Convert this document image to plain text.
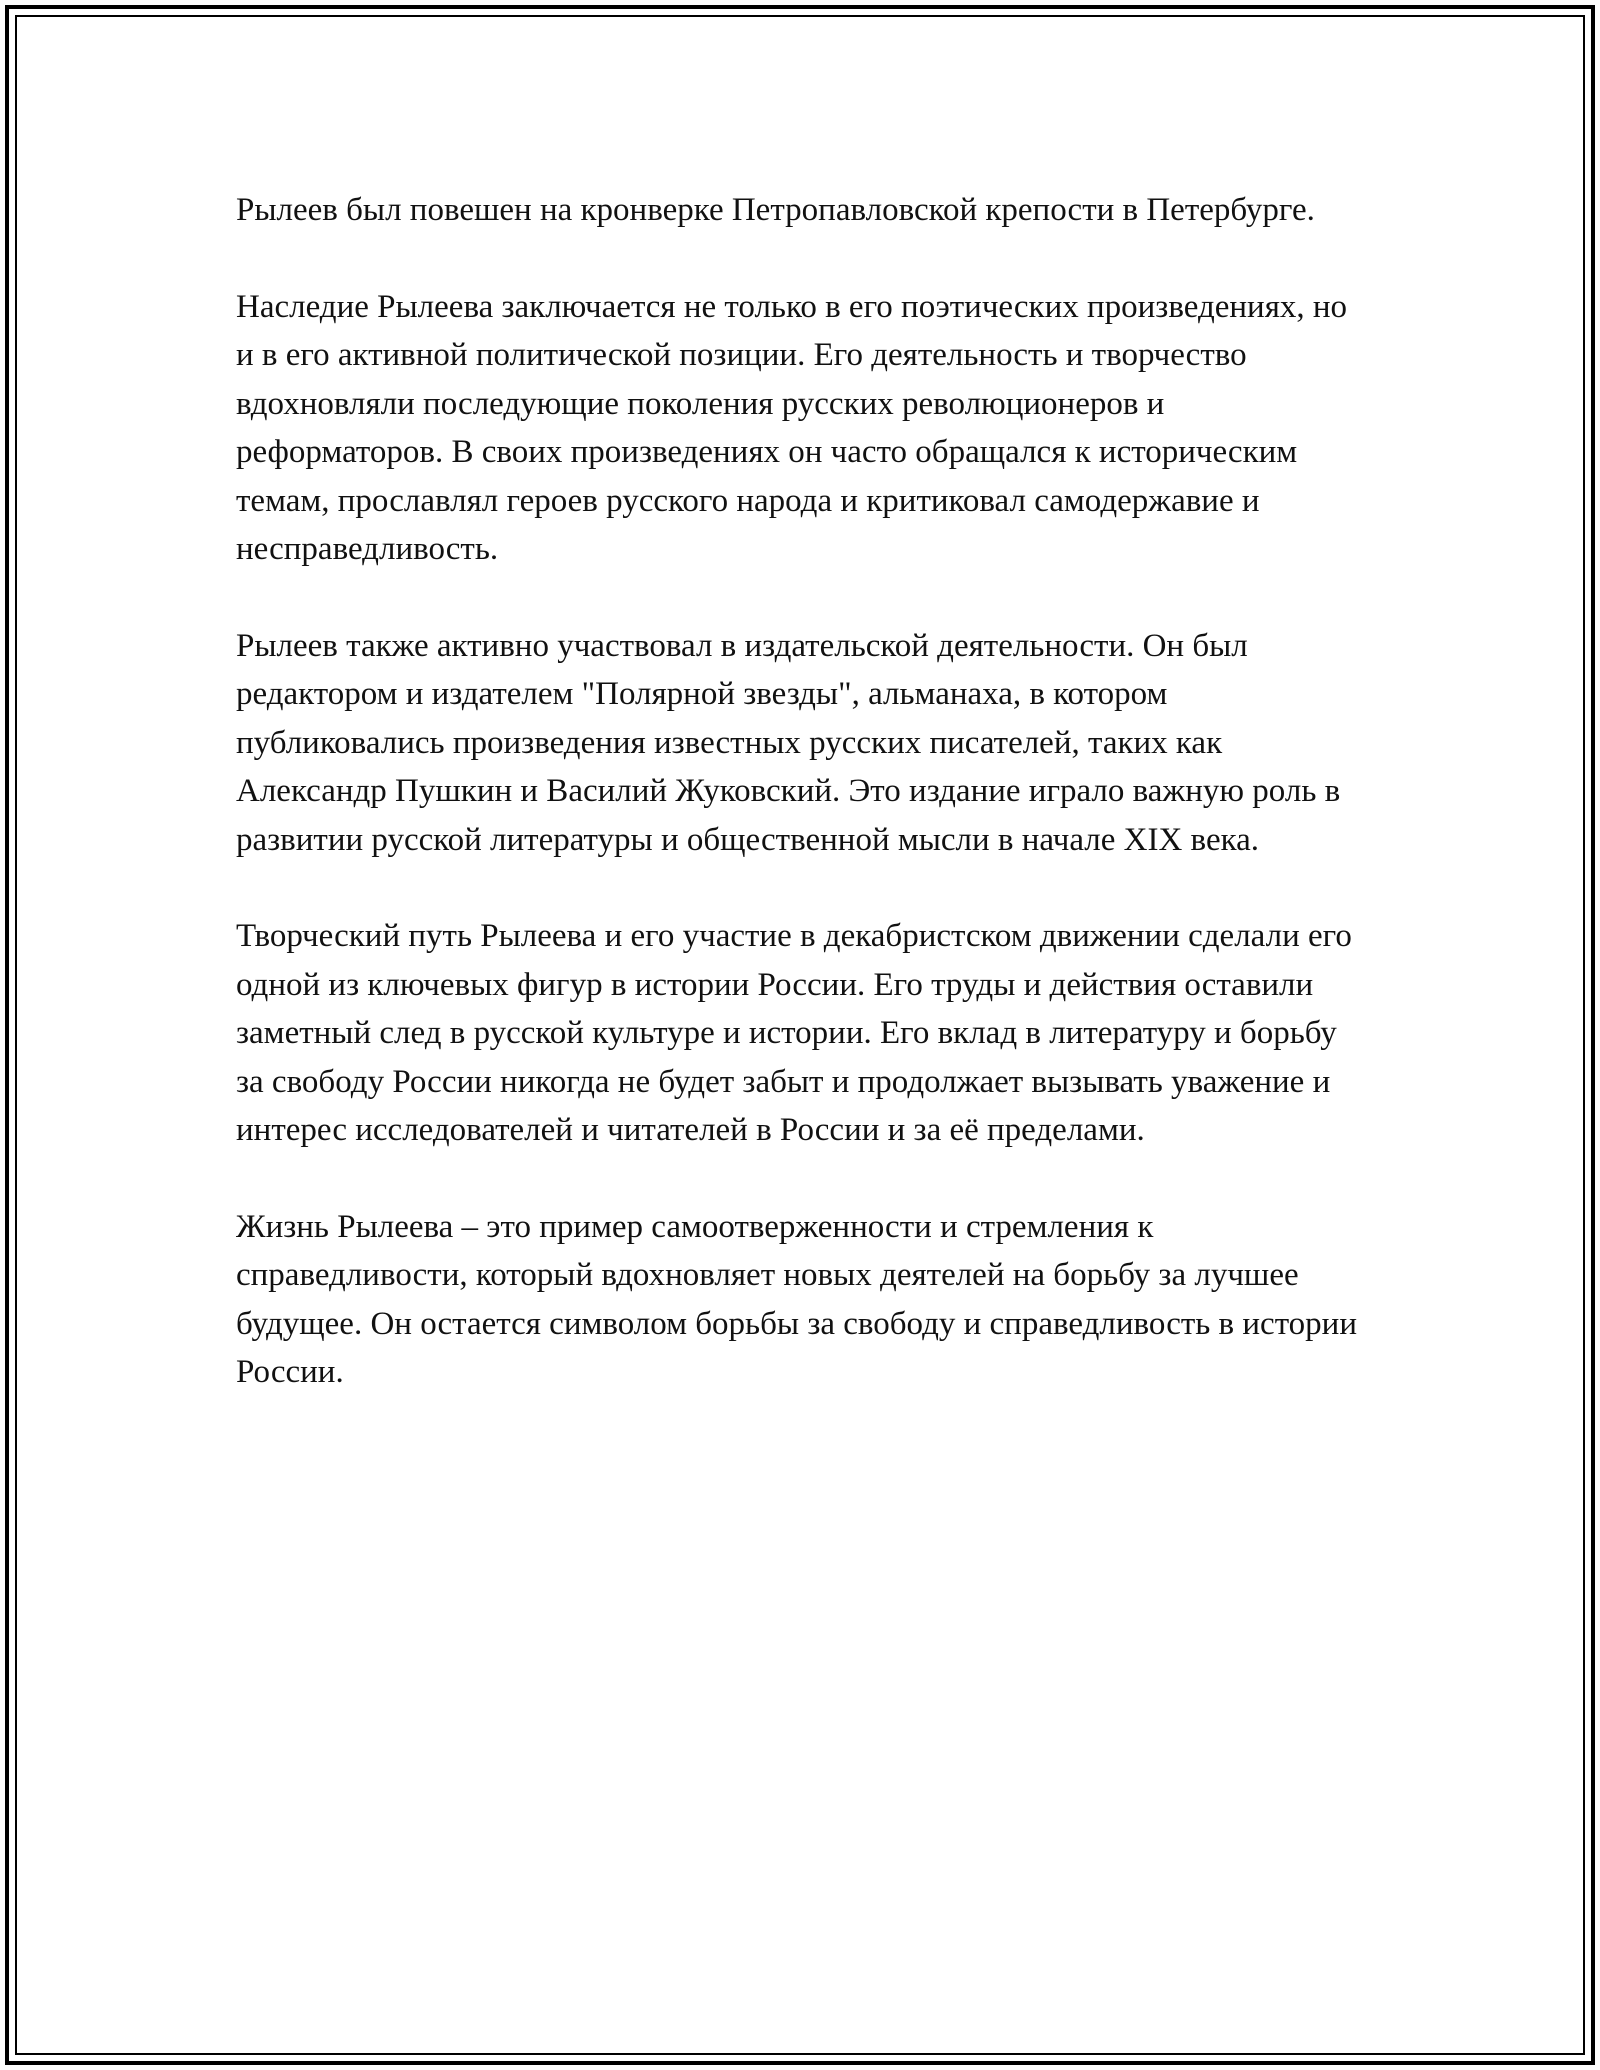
Рылеев был повешен на кронверке Петропавловской крепости в Петербурге.

Наследие Рылеева заключается не только в его поэтических произведениях, но и в его активной политической позиции. Его деятельность и творчество вдохновляли последующие поколения русских революционеров и реформаторов. В своих произведениях он часто обращался к историческим темам, прославлял героев русского народа и критиковал самодержавие и несправедливость.

Рылеев также активно участвовал в издательской деятельности. Он был редактором и издателем "Полярной звезды", альманаха, в котором публиковались произведения известных русских писателей, таких как Александр Пушкин и Василий Жуковский. Это издание играло важную роль в развитии русской литературы и общественной мысли в начале XIX века.

Творческий путь Рылеева и его участие в декабристском движении сделали его одной из ключевых фигур в истории России. Его труды и действия оставили заметный след в русской культуре и истории. Его вклад в литературу и борьбу за свободу России никогда не будет забыт и продолжает вызывать уважение и интерес исследователей и читателей в России и за её пределами.

Жизнь Рылеева – это пример самоотверженности и стремления к справедливости, который вдохновляет новых деятелей на борьбу за лучшее будущее. Он остается символом борьбы за свободу и справедливость в истории России.
